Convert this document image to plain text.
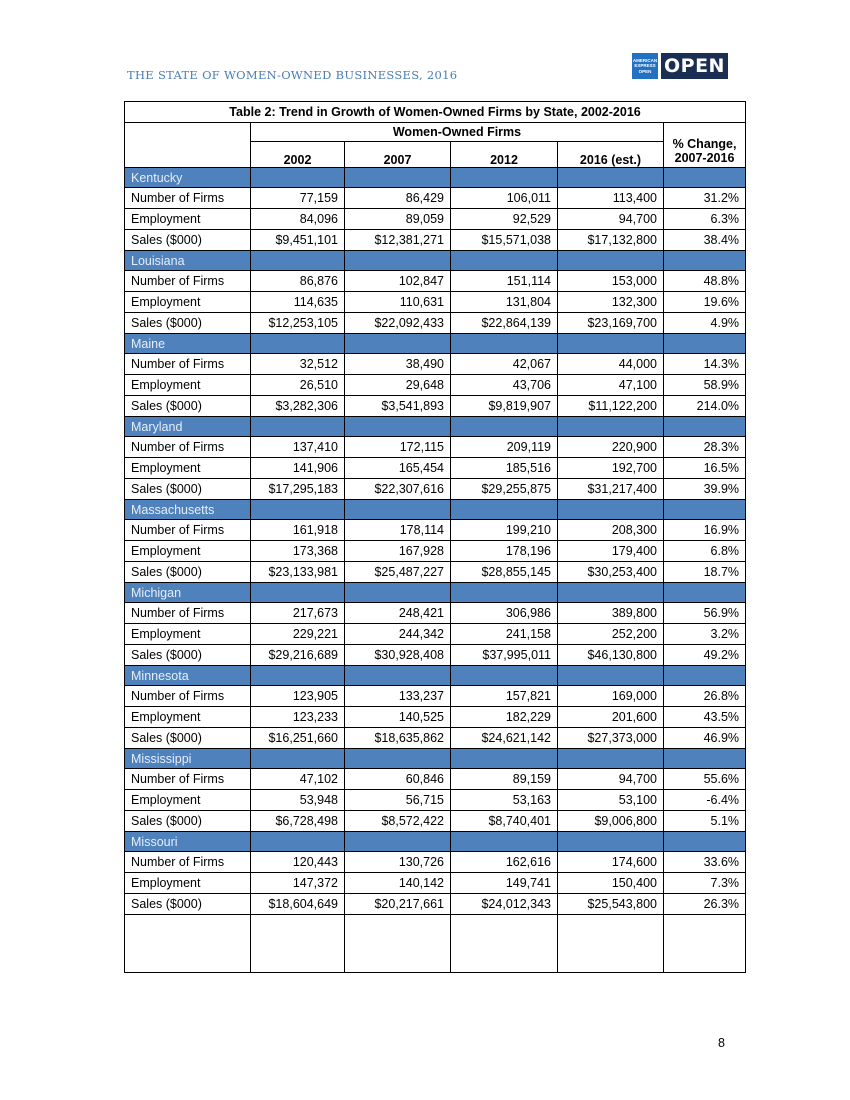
THE STATE OF WOMEN-OWNED BUSINESSES, 2016
AMERICAN
EXPRESS
OPEN OPEN
Table 2: Trend in Growth of Women-Owned Firms by State, 2002-2016					
	Women-Owned Firms				% Change,
2007-2016
	2002	2007	2012	2016 (est.)	
Kentucky					
Number of Firms	77,159	86,429	106,011	113,400	31.2%
Employment	84,096	89,059	92,529	94,700	6.3%
Sales ($000)	$9,451,101	$12,381,271	$15,571,038	$17,132,800	38.4%
Louisiana					
Number of Firms	86,876	102,847	151,114	153,000	48.8%
Employment	114,635	110,631	131,804	132,300	19.6%
Sales ($000)	$12,253,105	$22,092,433	$22,864,139	$23,169,700	4.9%
Maine					
Number of Firms	32,512	38,490	42,067	44,000	14.3%
Employment	26,510	29,648	43,706	47,100	58.9%
Sales ($000)	$3,282,306	$3,541,893	$9,819,907	$11,122,200	214.0%
Maryland					
Number of Firms	137,410	172,115	209,119	220,900	28.3%
Employment	141,906	165,454	185,516	192,700	16.5%
Sales ($000)	$17,295,183	$22,307,616	$29,255,875	$31,217,400	39.9%
Massachusetts					
Number of Firms	161,918	178,114	199,210	208,300	16.9%
Employment	173,368	167,928	178,196	179,400	6.8%
Sales ($000)	$23,133,981	$25,487,227	$28,855,145	$30,253,400	18.7%
Michigan					
Number of Firms	217,673	248,421	306,986	389,800	56.9%
Employment	229,221	244,342	241,158	252,200	3.2%
Sales ($000)	$29,216,689	$30,928,408	$37,995,011	$46,130,800	49.2%
Minnesota					
Number of Firms	123,905	133,237	157,821	169,000	26.8%
Employment	123,233	140,525	182,229	201,600	43.5%
Sales ($000)	$16,251,660	$18,635,862	$24,621,142	$27,373,000	46.9%
Mississippi					
Number of Firms	47,102	60,846	89,159	94,700	55.6%
Employment	53,948	56,715	53,163	53,100	-6.4%
Sales ($000)	$6,728,498	$8,572,422	$8,740,401	$9,006,800	5.1%
Missouri					
Number of Firms	120,443	130,726	162,616	174,600	33.6%
Employment	147,372	140,142	149,741	150,400	7.3%
Sales ($000)	$18,604,649	$20,217,661	$24,012,343	$25,543,800	26.3%

8
